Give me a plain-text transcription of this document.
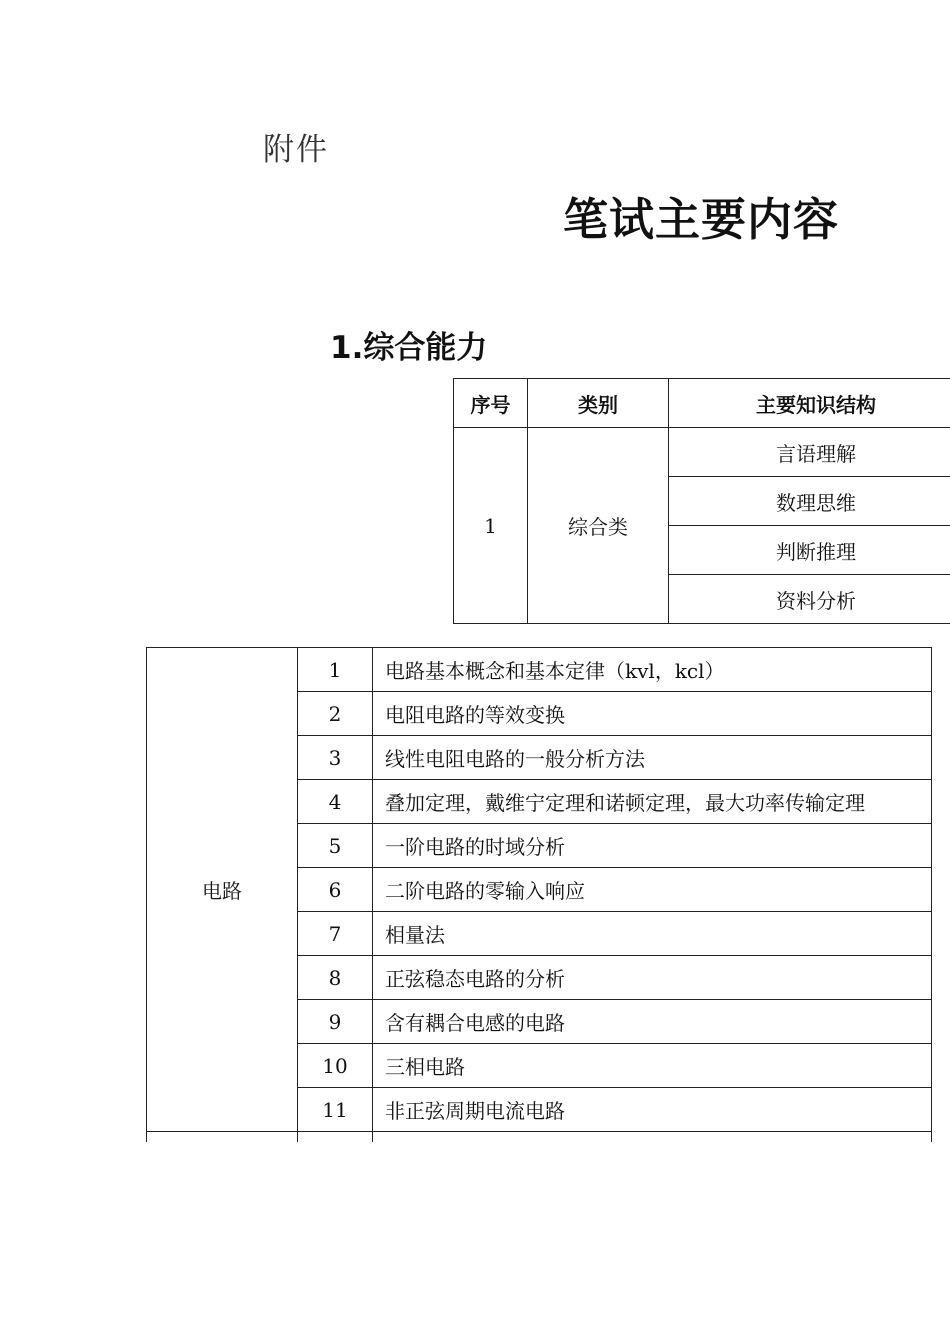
附件
笔试主要内容
1.综合能力
序号	类别	主要知识结构
1	综合类	言语理解
		数理思维
		判断推理
		资料分析
电路	1	电路基本概念和基本定律（kvl，kcl）
	2	电阻电路的等效变换
	3	线性电阻电路的一般分析方法
	4	叠加定理，戴维宁定理和诺顿定理，最大功率传输定理
	5	一阶电路的时域分析
	6	二阶电路的零输入响应
	7	相量法
	8	正弦稳态电路的分析
	9	含有耦合电感的电路
	10	三相电路
	11	非正弦周期电流电路
